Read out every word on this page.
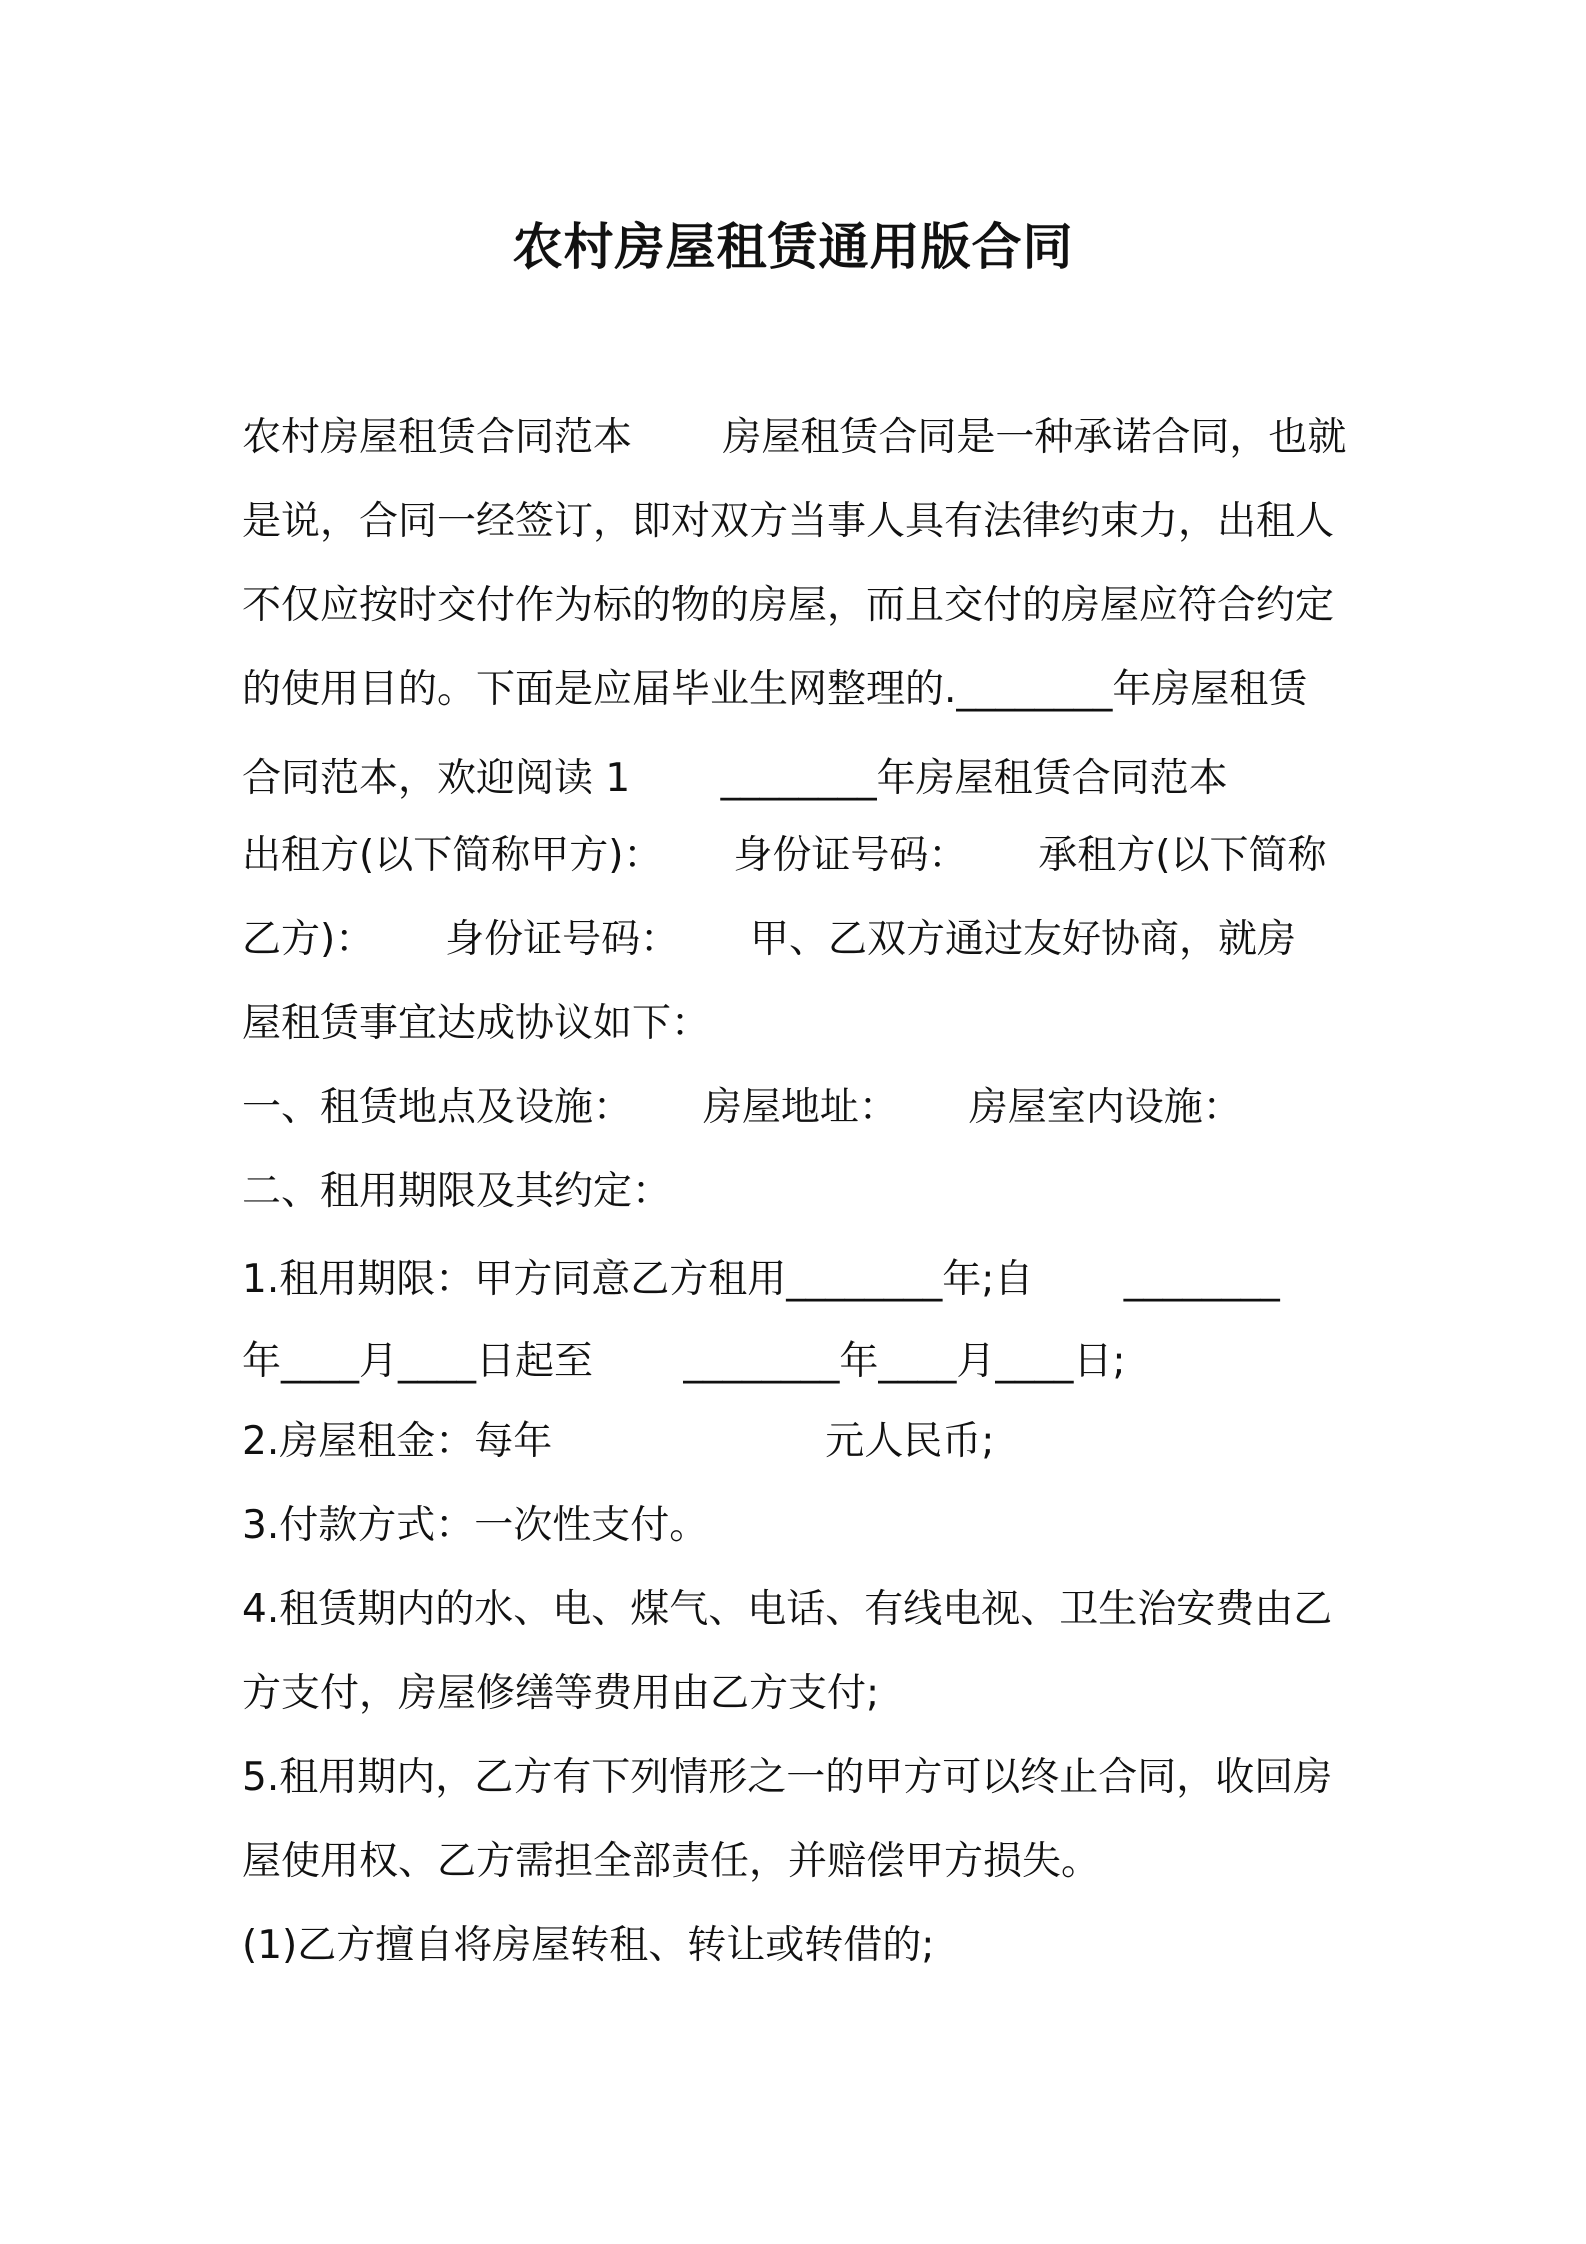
农村房屋租赁通用版合同
农村房屋租赁合同范本　　 房屋租赁合同是一种承诺合同，也就
是说，合同一经签订，即对双方当事人具有法律约束力，出租人
不仅应按时交付作为标的物的房屋，而且交付的房屋应符合约定
的使用目的。下面是应届毕业生网整理的.________年房屋租赁
合同范本，欢迎阅读 1　　 ________年房屋租赁合同范本
出租方(以下简称甲方)：　　 身份证号码：　　 承租方(以下简称
乙方)：　　 身份证号码：　　 甲、乙双方通过友好协商，就房
屋租赁事宜达成协议如下：
一、租赁地点及设施：　　 房屋地址：　　 房屋室内设施：
二、租用期限及其约定：
1.租用期限：甲方同意乙方租用________年;自　　 ________
年____月____日起至　　 ________年____月____日;
2.房屋租金：每年　　　　　　　元人民币;
3.付款方式：一次性支付。
4.租赁期内的水、电、煤气、电话、有线电视、卫生治安费由乙
方支付，房屋修缮等费用由乙方支付;
5.租用期内，乙方有下列情形之一的甲方可以终止合同，收回房
屋使用权、乙方需担全部责任，并赔偿甲方损失。
(1)乙方擅自将房屋转租、转让或转借的;
